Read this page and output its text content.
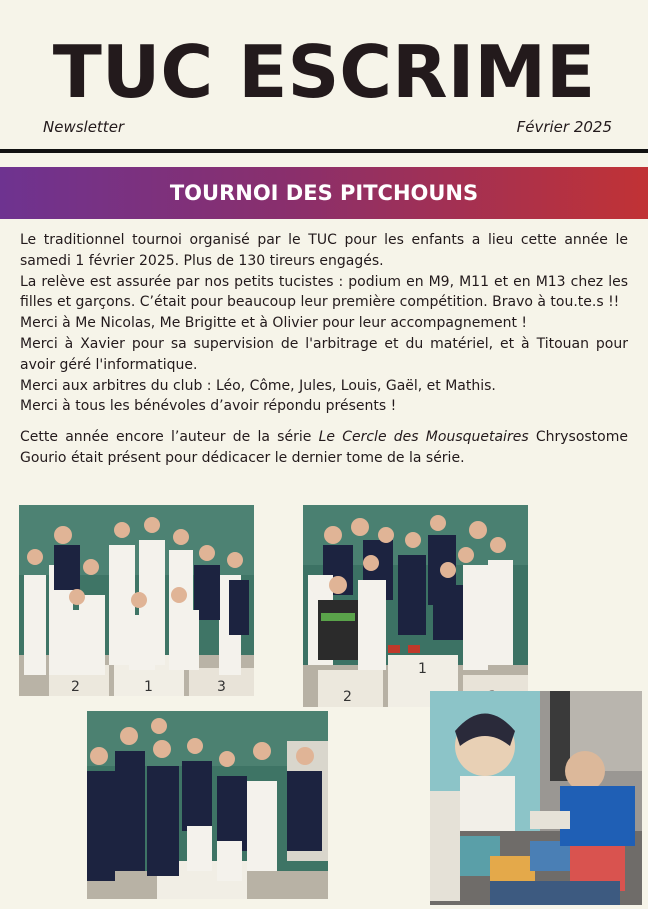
TUC ESCRIME
Newsletter	Février 2025
TOURNOI DES PITCHOUNS

Le traditionnel tournoi organisé par le TUC pour les enfants a lieu cette année le samedi 1 février 2025. Plus de 130 tireurs engagés.

La relève est assurée par nos petits tucistes : podium en M9, M11 et en M13 chez les filles et garçons. C’était pour beaucoup leur première compétition. Bravo à tou.te.s !!

Merci à Me Nicolas, Me Brigitte et à Olivier pour leur accompagnement !

Merci à Xavier pour sa supervision de l'arbitrage et du matériel, et à Titouan pour avoir géré l'informatique.

Merci aux arbitres du club : Léo, Côme, Jules, Louis, Gaël, et Mathis.

Merci à tous les bénévoles d’avoir répondu présents !

Cette année encore l’auteur de la série Le Cercle des Mousquetaires Chrysostome Gourio était présent pour dédicacer le dernier tome de la série.

2	1	3
2
1
